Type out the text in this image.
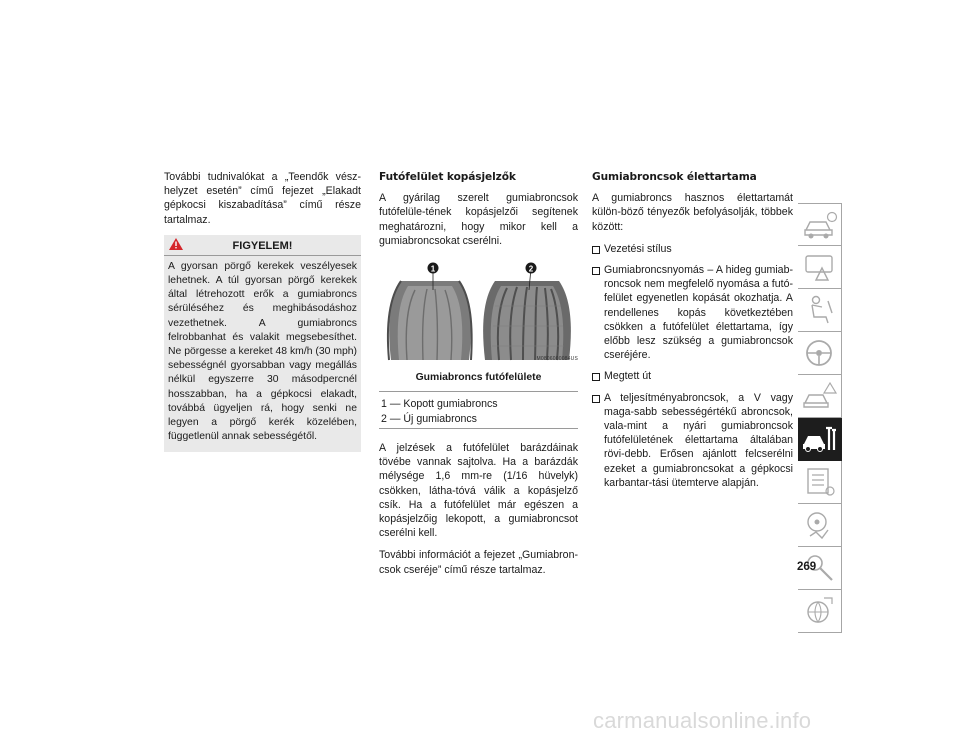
További tudnivalókat a „Teendők vész-helyzet esetén” című fejezet „Elakadt gépkocsi kiszabadítása” című része tartalmaz.

FIGYELEM!
A gyorsan pörgő kerekek veszélyesek lehetnek. A túl gyorsan pörgő kerekek által létrehozott erők a gumiabroncs sérüléséhez és meghibásodáshoz vezethetnek. A gumiabroncs felrobbanhat és valakit megsebesíthet. Ne pörgesse a kereket 48 km/h (30 mph) sebességnél gyorsabban vagy megállás nélkül egyszerre 30 másodpercnél hosszabban, ha a gépkocsi elakadt, továbbá ügyeljen rá, hogy senki ne legyen a pörgő kerék közelében, függetlenül annak sebességétől.
Futófelület kopásjelzők

A gyárilag szerelt gumiabroncsok futófelüle-tének kopásjelzői segítenek meghatározni, hogy mikor kell a gumiabroncsokat cserélni.

1	2
M0806000084US
Gumiabroncs futófelülete
1 — Kopott gumiabroncs
2 — Új gumiabroncs

A jelzések a futófelület barázdáinak tövébe vannak sajtolva. Ha a barázdák mélysége 1,6 mm-re (1/16 hüvelyk) csökken, látha-tóvá válik a kopásjelző csík. Ha a futófelület már egészen a kopásjelzőig lekopott, a gumiabroncsot cserélni kell.

További információt a fejezet „Gumiabron-csok cseréje” című része tartalmaz.

Gumiabroncsok élettartama

A gumiabroncs hasznos élettartamát külön-böző tényezők befolyásolják, többek között:

Vezetési stílus
Gumiabroncsnyomás – A hideg gumiab-roncsok nem megfelelő nyomása a futó-felület egyenetlen kopását okozhatja. A rendellenes kopás következtében csökken a futófelület élettartama, így előbb lesz szükség a gumiabroncsok cseréjére.
Megtett út
A teljesítményabroncsok, a V vagy maga-sabb sebességértékű abroncsok, vala-mint a nyári gumiabroncsok futófelületének élettartama általában rövi-debb. Erősen ajánlott felcserélni ezeket a gumiabroncsokat a gépkocsi karbantar-tási ütemterve alapján.
269
carmanualsonline.info
